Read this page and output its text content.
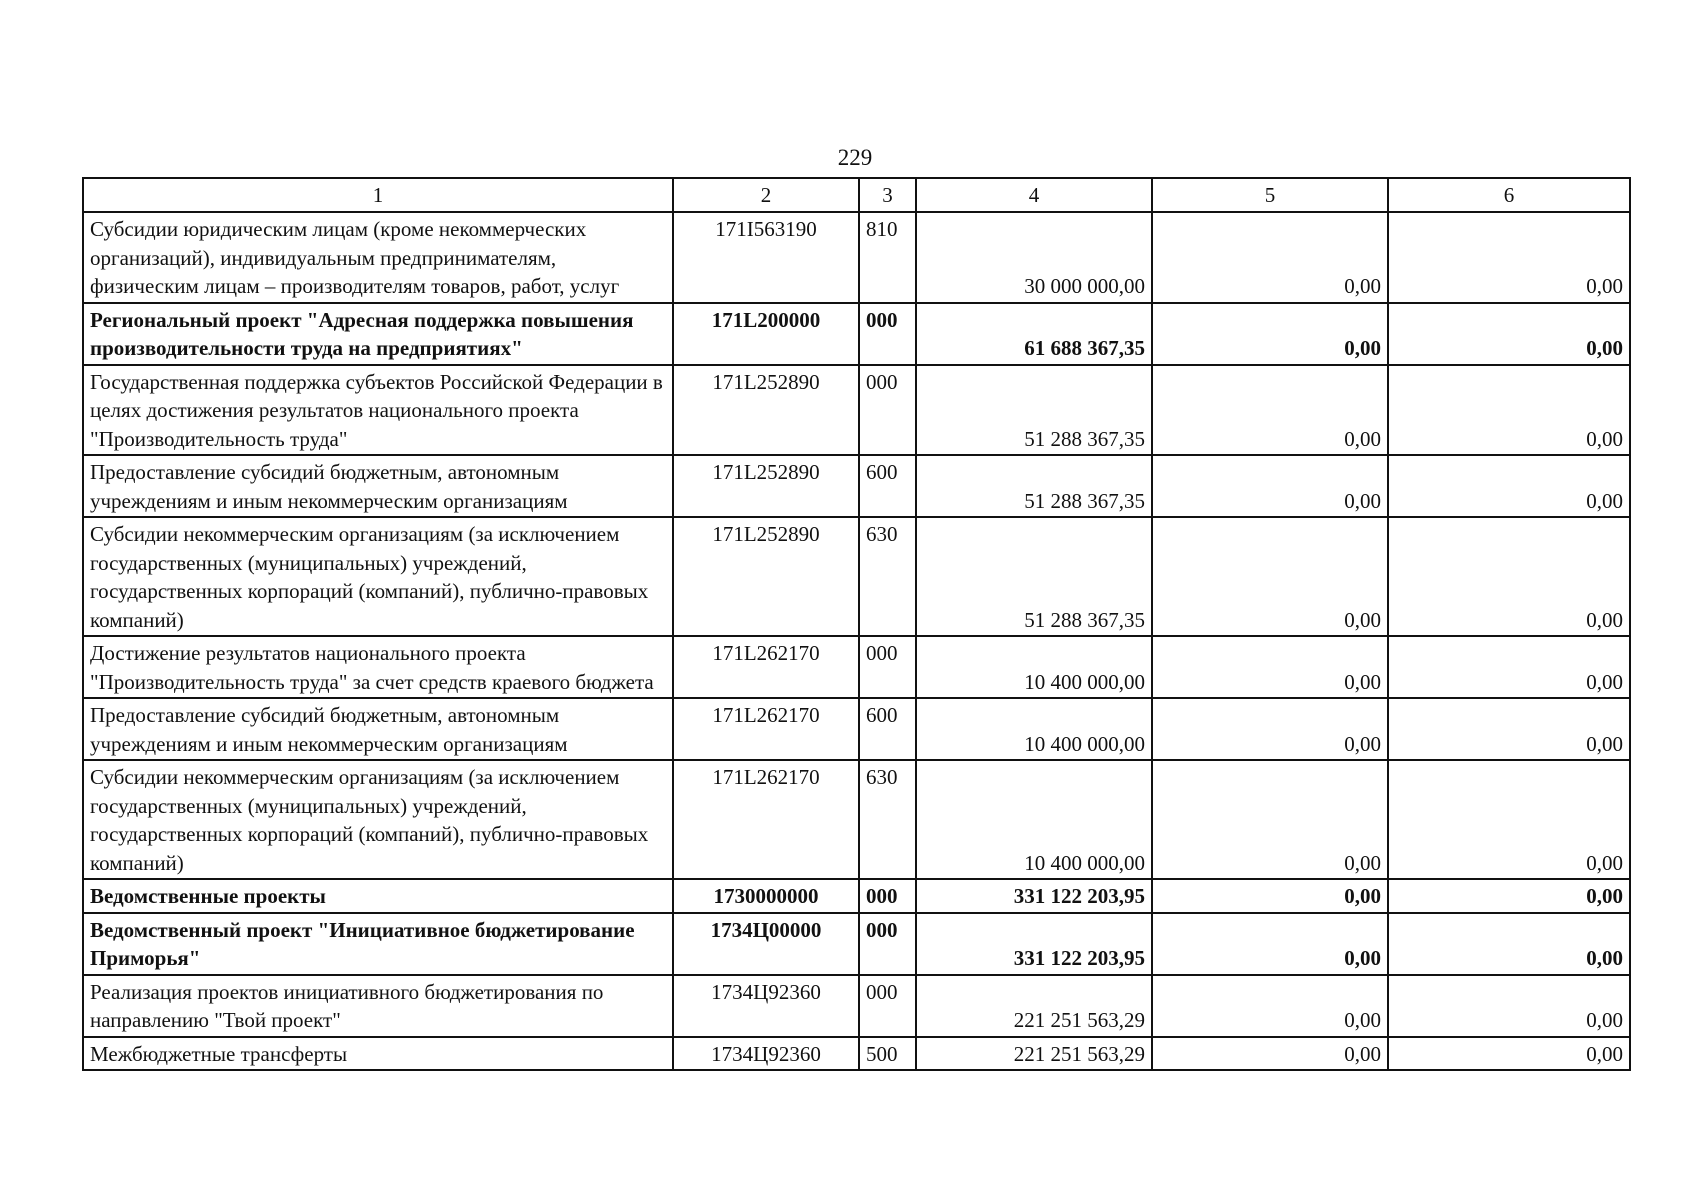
229
1	2	3	4	5	6
Субсидии юридическим лицам (кроме некоммерческих организаций), индивидуальным предпринимателям, физическим лицам – производителям товаров, работ, услуг	171I563190	810	30 000 000,00	0,00	0,00
Региональный проект "Адресная поддержка повышения производительности труда на предприятиях"	171L200000	000	61 688 367,35	0,00	0,00
Государственная поддержка субъектов Российской Федерации в целях достижения результатов национального проекта "Производительность труда"	171L252890	000	51 288 367,35	0,00	0,00
Предоставление субсидий бюджетным, автономным учреждениям и иным некоммерческим организациям	171L252890	600	51 288 367,35	0,00	0,00
Субсидии некоммерческим организациям (за исключением государственных (муниципальных) учреждений, государственных корпораций (компаний), публично-правовых компаний)	171L252890	630	51 288 367,35	0,00	0,00
Достижение результатов национального проекта "Производительность труда" за счет средств краевого бюджета	171L262170	000	10 400 000,00	0,00	0,00
Предоставление субсидий бюджетным, автономным учреждениям и иным некоммерческим организациям	171L262170	600	10 400 000,00	0,00	0,00
Субсидии некоммерческим организациям (за исключением государственных (муниципальных) учреждений, государственных корпораций (компаний), публично-правовых компаний)	171L262170	630	10 400 000,00	0,00	0,00
Ведомственные проекты	1730000000	000	331 122 203,95	0,00	0,00
Ведомственный проект "Инициативное бюджетирование Приморья"	1734Ц00000	000	331 122 203,95	0,00	0,00
Реализация проектов инициативного бюджетирования по направлению "Твой проект"	1734Ц92360	000	221 251 563,29	0,00	0,00
Межбюджетные трансферты	1734Ц92360	500	221 251 563,29	0,00	0,00
